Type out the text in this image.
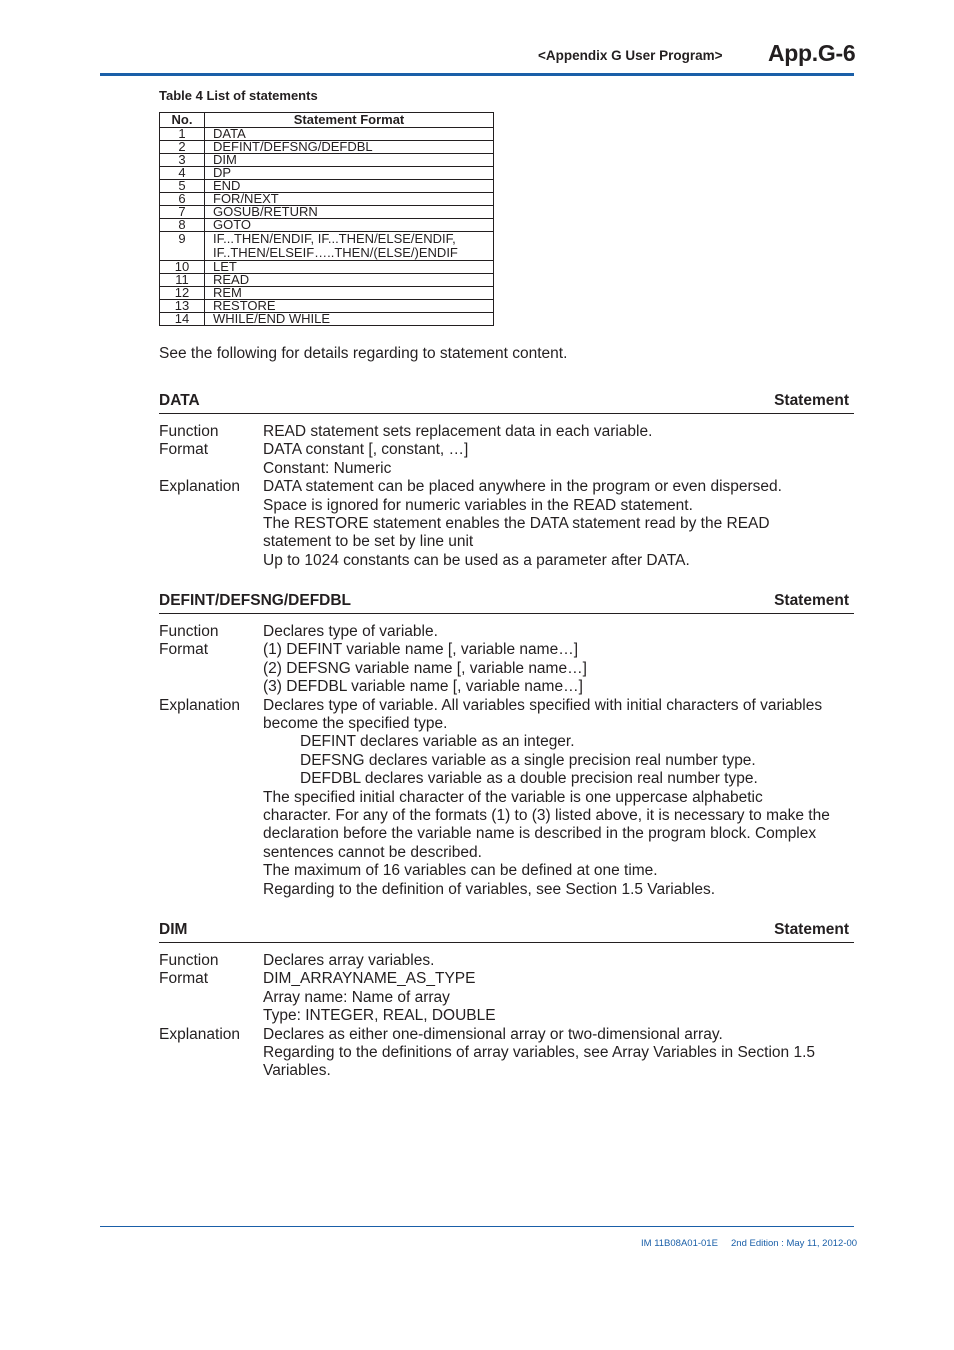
<Appendix G User Program> App.G-6
Table 4 List of statements
No.	Statement Format
1	DATA
2	DEFINT/DEFSNG/DEFDBL
3	DIM
4	DP
5	END
6	FOR/NEXT
7	GOSUB/RETURN
8	GOTO
9	IF...THEN/ENDIF, IF...THEN/ELSE/ENDIF,
IF..THEN/ELSEIF…..THEN/(ELSE/)ENDIF

10	LET
11	READ
12	REM
13	RESTORE
14	WHILE/END WHILE
See the following for details regarding to statement content.
DATA	Statement
Function	READ statement sets replacement data in each variable.
Format	DATA constant [, constant, …]
Constant: Numeric
Explanation	DATA statement can be placed anywhere in the program or even dispersed.
Space is ignored for numeric variables in the READ statement.
The RESTORE statement enables the DATA statement read by the READ
statement to be set by line unit
Up to 1024 constants can be used as a parameter after DATA.
DEFINT/DEFSNG/DEFDBL	Statement
Function	Declares type of variable.
Format	(1) DEFINT variable name [, variable name…]
(2) DEFSNG variable name [, variable name…]
(3) DEFDBL variable name [, variable name…]
Explanation	Declares type of variable. All variables specified with initial characters of variables
become the specified type.
DEFINT declares variable as an integer.
DEFSNG declares variable as a single precision real number type.
DEFDBL declares variable as a double precision real number type.
The specified initial character of the variable is one uppercase alphabetic
character. For any of the formats (1) to (3) listed above, it is necessary to make the
declaration before the variable name is described in the program block. Complex
sentences cannot be described.
The maximum of 16 variables can be defined at one time.
Regarding to the definition of variables, see Section 1.5 Variables.
DIM	Statement
Function	Declares array variables.
Format	DIM_ARRAYNAME_AS_TYPE
Array name: Name of array
Type: INTEGER, REAL, DOUBLE
Explanation	Declares as either one-dimensional array or two-dimensional array.
Regarding to the definitions of array variables, see Array Variables in Section 1.5
Variables.
IM 11B08A01-01E 2nd Edition : May 11, 2012-00
